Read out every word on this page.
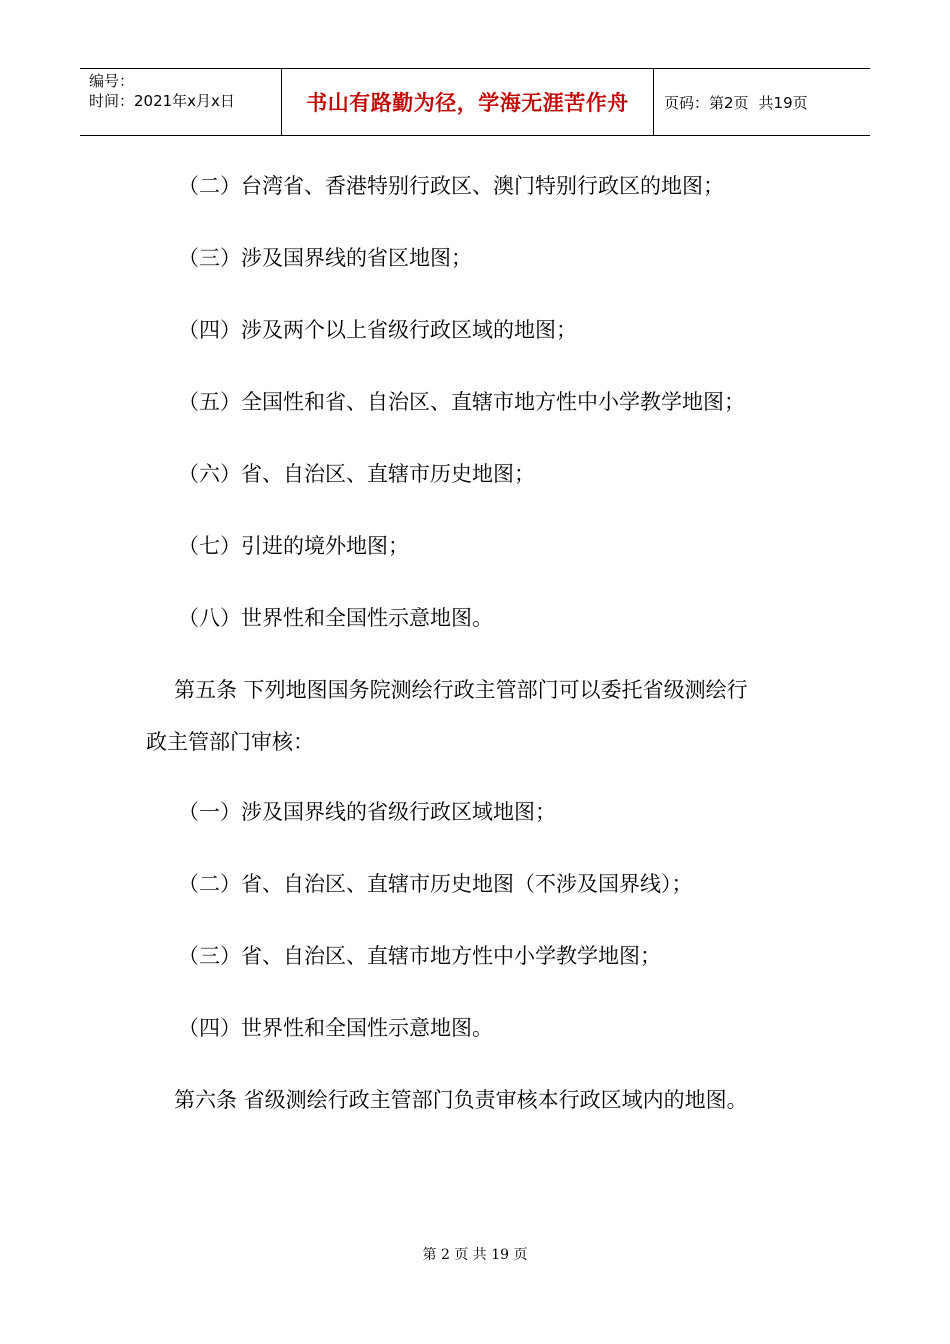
编号：
时间：2021年x月x日	书山有路勤为径，学海无涯苦作舟	页码：第2页 共19页
（二）台湾省、香港特别行政区、澳门特别行政区的地图；
（三）涉及国界线的省区地图；
（四）涉及两个以上省级行政区域的地图；
（五）全国性和省、自治区、直辖市地方性中小学教学地图；
（六）省、自治区、直辖市历史地图；
（七）引进的境外地图；
（八）世界性和全国性示意地图。
第五条 下列地图国务院测绘行政主管部门可以委托省级测绘行
政主管部门审核：
（一）涉及国界线的省级行政区域地图；
（二）省、自治区、直辖市历史地图（不涉及国界线）；
（三）省、自治区、直辖市地方性中小学教学地图；
（四）世界性和全国性示意地图。
第六条 省级测绘行政主管部门负责审核本行政区域内的地图。
第 2 页 共 19 页
